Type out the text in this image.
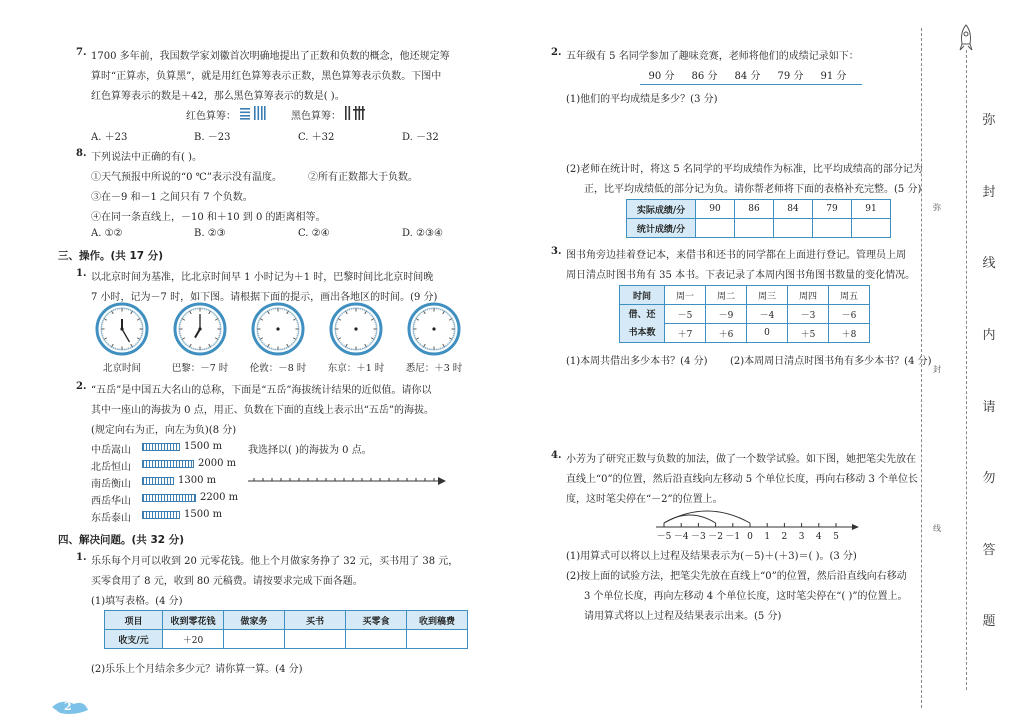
7. 1700 多年前，我国数学家刘徽首次明确地提出了正数和负数的概念，他还规定筹
算时“正算赤，负算黑”，就是用红色算筹表示正数，黑色算筹表示负数。下图中
红色算筹表示的数是＋42，那么黑色算筹表示的数是( )。
红色算筹：	黑色算筹：
A. ＋23	B. －23	C. ＋32	D. －32
8. 下列说法中正确的有( )。
①天气预报中所说的“0 ℃”表示没有温度。	②所有正数都大于负数。
③在－9 和－1 之间只有 7 个负数。
④在同一条直线上，－10 和＋10 到 0 的距离相等。
A. ①②	B. ②③	C. ②④	D. ②③④
三、操作。(共 17 分)
1. 以北京时间为基准，比北京时间早 1 小时记为＋1 时，巴黎时间比北京时间晚
7 小时，记为－7 时，如下图。请根据下面的提示，画出各地区的时间。(9 分)
北京时间	巴黎：－7 时	伦敦：－8 时	东京：＋1 时	悉尼：＋3 时
2. “五岳”是中国五大名山的总称，下面是“五岳”海拔统计结果的近似值。请你以
其中一座山的海拔为 0 点，用正、负数在下面的直线上表示出“五岳”的海拔。
(规定向右为正，向左为负)(8 分)
中岳嵩山	1500 m
北岳恒山	2000 m
南岳衡山	1300 m
西岳华山	2200 m
东岳泰山	1500 m
我选择以( )的海拔为 0 点。
四、解决问题。(共 32 分)
1. 乐乐每个月可以收到 20 元零花钱。他上个月做家务挣了 32 元，买书用了 38 元，
买零食用了 8 元，收到 80 元稿费。请按要求完成下面各题。
(1)填写表格。(4 分)
项目	收到零花钱	做家务	买书	买零食	收到稿费
收支/元	＋20				
(2)乐乐上个月结余多少元？请你算一算。(4 分)
2
2. 五年级有 5 名同学参加了趣味竞赛，老师将他们的成绩记录如下：
90 分 86 分 84 分 79 分 91 分
(1)他们的平均成绩是多少？(3 分)
(2)老师在统计时，将这 5 名同学的平均成绩作为标准，比平均成绩高的部分记为
正，比平均成绩低的部分记为负。请你帮老师将下面的表格补充完整。(5 分)
实际成绩/分	90	86	84	79	91
统计成绩/分					
3. 图书角旁边挂着登记本，来借书和还书的同学都在上面进行登记。管理员上周
周日清点时图书角有 35 本书。下表记录了本周内图书角图书数量的变化情况。
时间	周一	周二	周三	周四	周五
借、还
书本数	－5	－9	－4	－3	－6
	＋7	＋6	0	＋5	＋8
(1)本周共借出多少本书？(4 分) (2)本周周日清点时图书角有多少本书？(4 分)
4. 小芳为了研究正数与负数的加法，做了一个数学试验。如下图，她把笔尖先放在
直线上“0”的位置，然后沿直线向左移动 5 个单位长度，再向右移动 3 个单位长
度，这时笔尖停在“－2”的位置上。
－5 －4 －3 －2 －1 0 1 2 3 4 5
(1)用算式可以将以上过程及结果表示为(－5)＋(＋3)＝( )。(3 分)
(2)按上面的试验方法，把笔尖先放在直线上“0”的位置，然后沿直线向右移动
3 个单位长度，再向左移动 4 个单位长度，这时笔尖停在“( )”的位置上。
请用算式将以上过程及结果表示出来。(5 分)
弥
封
线
内
请
勿
答
题
弥
封
线
